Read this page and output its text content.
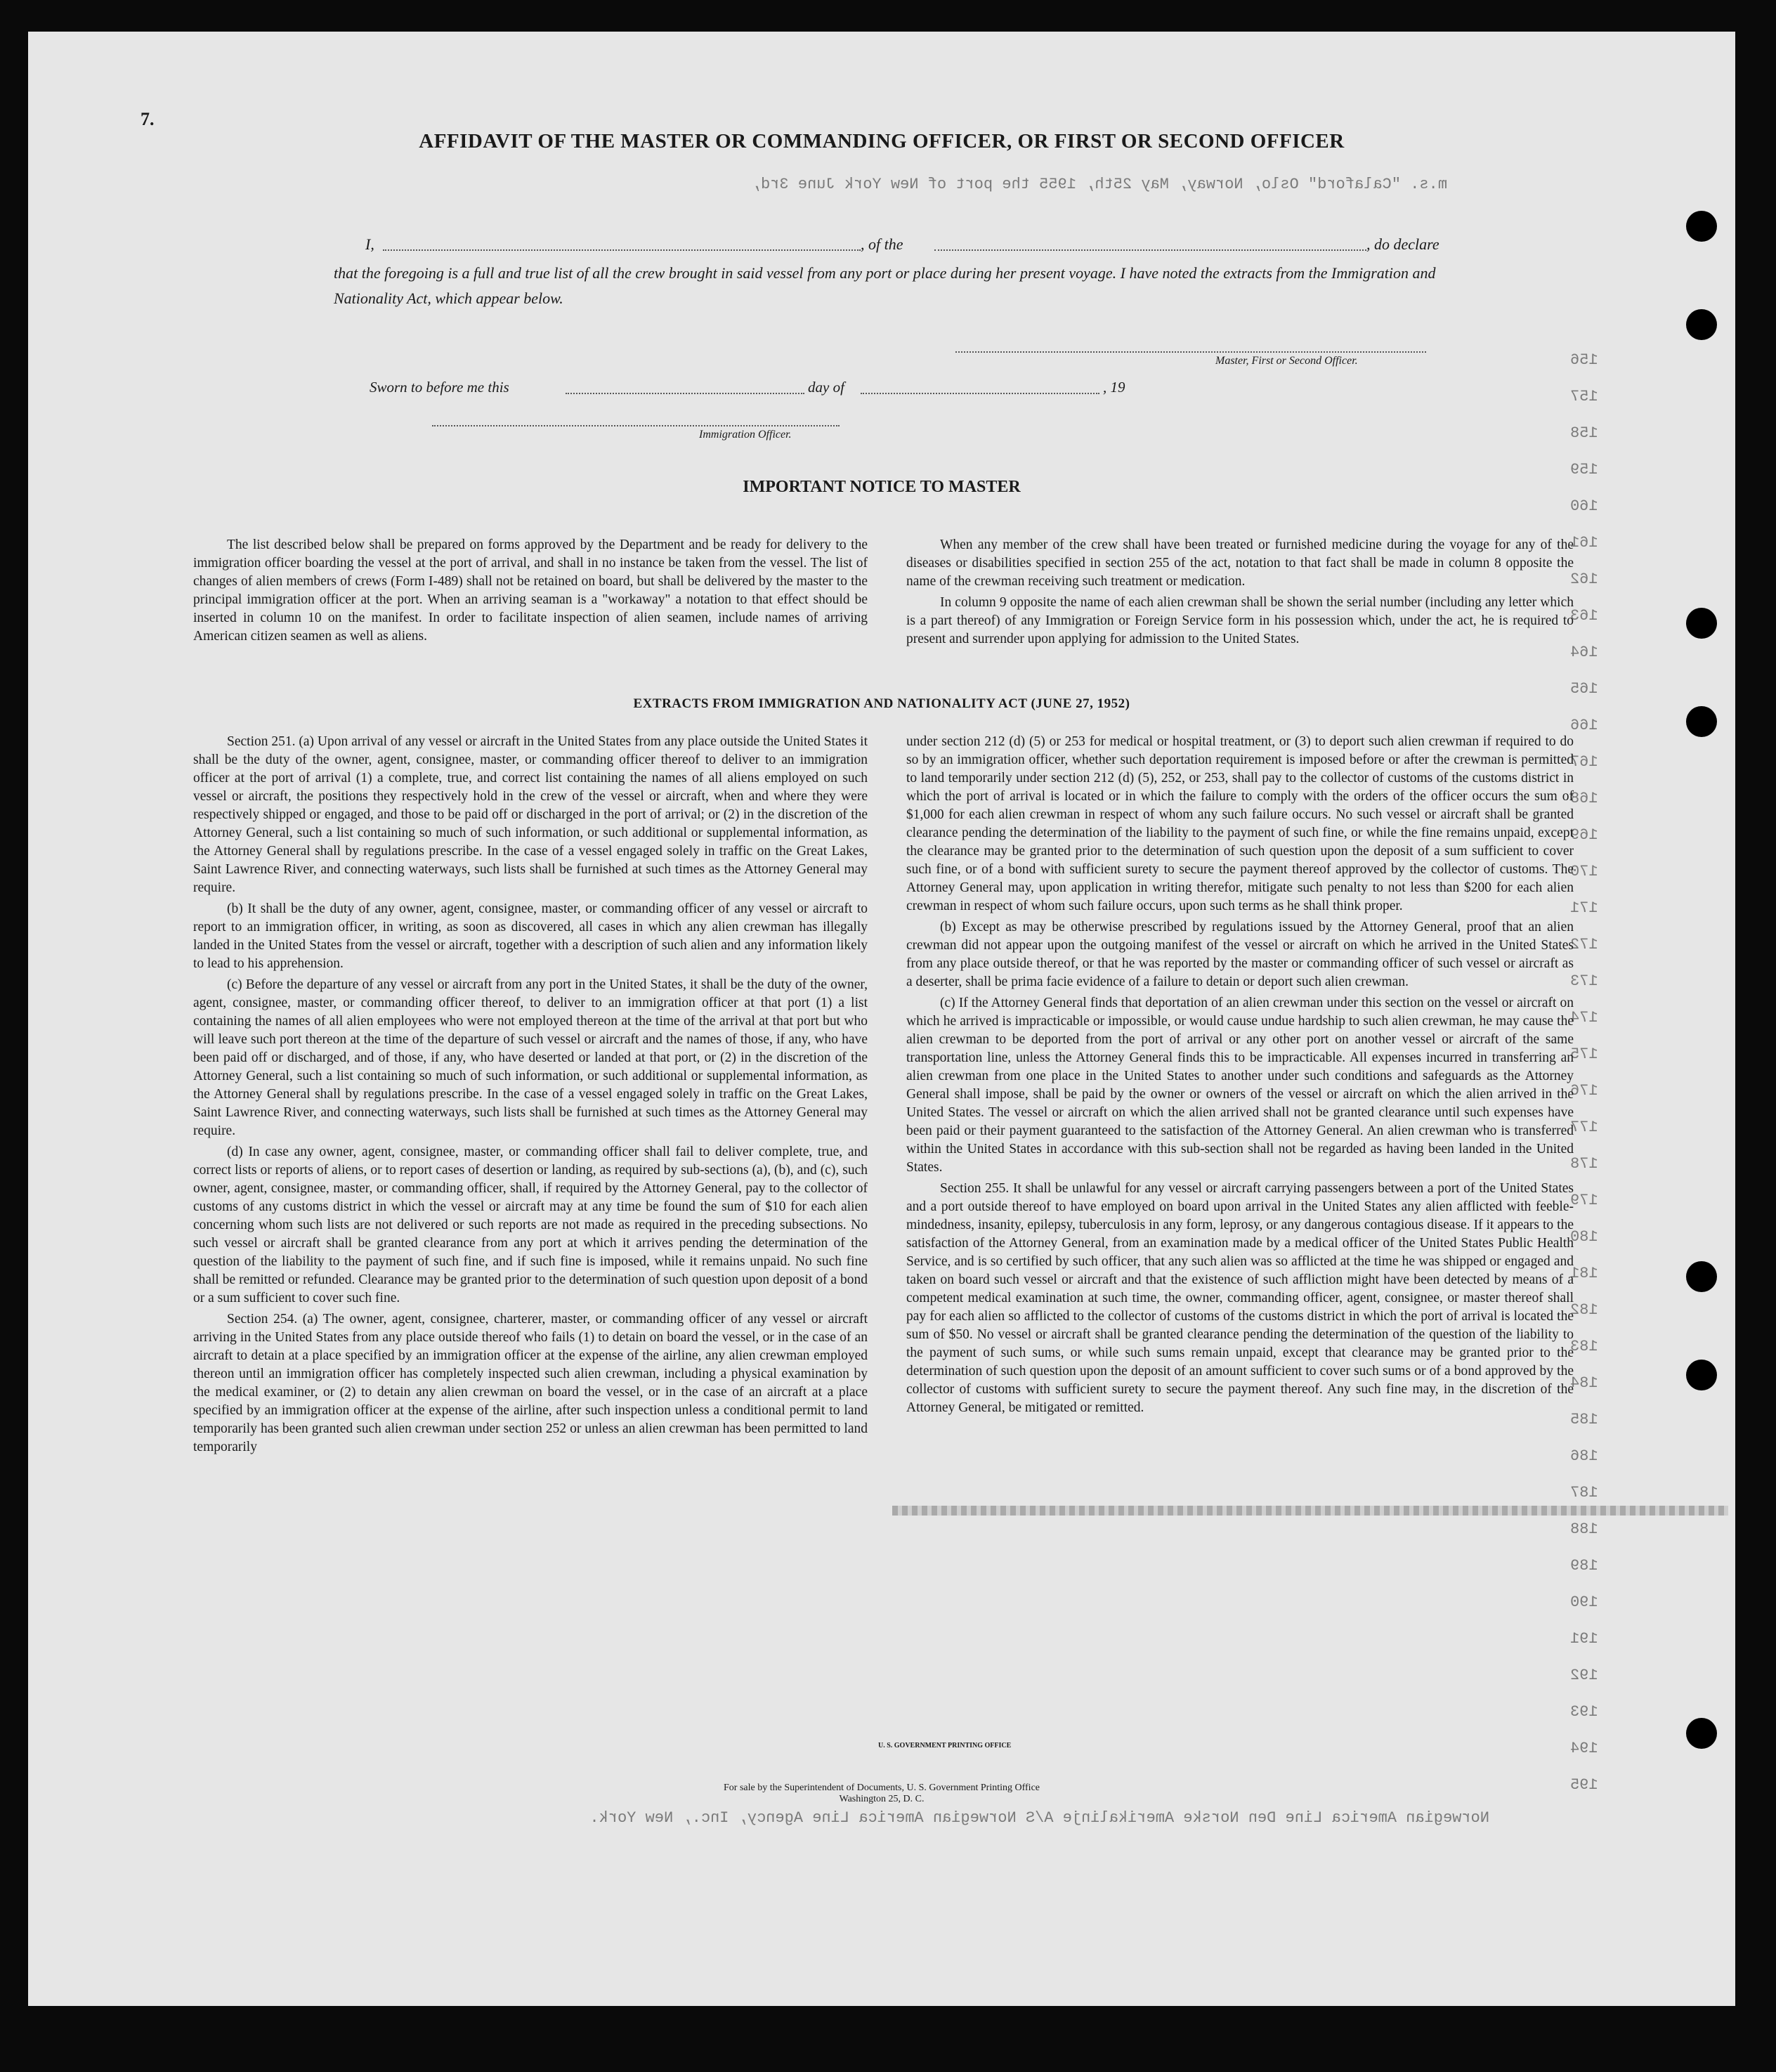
7.
m.s. "Calaford" Oslo, Norway, May 25th, 1955 the port of New York June 3rd,
Norwegian America Line Den Norske Amerikalinje A/S Norwegian America Line Agency, Inc., New York.
156
157
158
159
160
161
162
163
164
165
166
167
168
169
170
171
172
173
174
175
176
177
178
179
180
181
182
183
184
185
186
187
188
189
190
191
192
193
194
195
AFFIDAVIT OF THE MASTER OR COMMANDING OFFICER, OR FIRST OR SECOND OFFICER
I,	, of the	, do declare
that the foregoing is a full and true list of all the crew brought in said vessel from any port or place during her present voyage. I have noted the extracts from the Immigration and Nationality Act, which appear below.
Master, First or Second Officer.
Sworn to before me this	day of	, 19
Immigration Officer.
IMPORTANT NOTICE TO MASTER

The list described below shall be prepared on forms approved by the Department and be ready for delivery to the immigration officer boarding the vessel at the port of arrival, and shall in no instance be taken from the vessel. The list of changes of alien members of crews (Form I-489) shall not be retained on board, but shall be delivered by the master to the principal immigration officer at the port. When an arriving seaman is a "workaway" a notation to that effect should be inserted in column 10 on the manifest. In order to facilitate inspection of alien seamen, include names of arriving American citizen seamen as well as aliens.

When any member of the crew shall have been treated or furnished medicine during the voyage for any of the diseases or disabilities specified in section 255 of the act, notation to that fact shall be made in column 8 opposite the name of the crewman receiving such treatment or medication.

In column 9 opposite the name of each alien crewman shall be shown the serial number (including any letter which is a part thereof) of any Immigration or Foreign Service form in his possession which, under the act, he is required to present and surrender upon applying for admission to the United States.

EXTRACTS FROM IMMIGRATION AND NATIONALITY ACT (JUNE 27, 1952)

Section 251. (a) Upon arrival of any vessel or aircraft in the United States from any place outside the United States it shall be the duty of the owner, agent, consignee, master, or commanding officer thereof to deliver to an immigration officer at the port of arrival (1) a complete, true, and correct list containing the names of all aliens employed on such vessel or aircraft, the positions they respectively hold in the crew of the vessel or aircraft, when and where they were respectively shipped or engaged, and those to be paid off or discharged in the port of arrival; or (2) in the discretion of the Attorney General, such a list containing so much of such information, or such additional or supplemental information, as the Attorney General shall by regulations prescribe. In the case of a vessel engaged solely in traffic on the Great Lakes, Saint Lawrence River, and connecting waterways, such lists shall be furnished at such times as the Attorney General may require.

(b) It shall be the duty of any owner, agent, consignee, master, or commanding officer of any vessel or aircraft to report to an immigration officer, in writing, as soon as discovered, all cases in which any alien crewman has illegally landed in the United States from the vessel or aircraft, together with a description of such alien and any information likely to lead to his apprehension.

(c) Before the departure of any vessel or aircraft from any port in the United States, it shall be the duty of the owner, agent, consignee, master, or commanding officer thereof, to deliver to an immigration officer at that port (1) a list containing the names of all alien employees who were not employed thereon at the time of the arrival at that port but who will leave such port thereon at the time of the departure of such vessel or aircraft and the names of those, if any, who have been paid off or discharged, and of those, if any, who have deserted or landed at that port, or (2) in the discretion of the Attorney General, such a list containing so much of such information, or such additional or supplemental information, as the Attorney General shall by regulations prescribe. In the case of a vessel engaged solely in traffic on the Great Lakes, Saint Lawrence River, and connecting waterways, such lists shall be furnished at such times as the Attorney General may require.

(d) In case any owner, agent, consignee, master, or commanding officer shall fail to deliver complete, true, and correct lists or reports of aliens, or to report cases of desertion or landing, as required by sub-sections (a), (b), and (c), such owner, agent, consignee, master, or commanding officer, shall, if required by the Attorney General, pay to the collector of customs of any customs district in which the vessel or aircraft may at any time be found the sum of $10 for each alien concerning whom such lists are not delivered or such reports are not made as required in the preceding subsections. No such vessel or aircraft shall be granted clearance from any port at which it arrives pending the determination of the question of the liability to the payment of such fine, and if such fine is imposed, while it remains unpaid. No such fine shall be remitted or refunded. Clearance may be granted prior to the determination of such question upon deposit of a bond or a sum sufficient to cover such fine.

Section 254. (a) The owner, agent, consignee, charterer, master, or commanding officer of any vessel or aircraft arriving in the United States from any place outside thereof who fails (1) to detain on board the vessel, or in the case of an aircraft to detain at a place specified by an immigration officer at the expense of the airline, any alien crewman employed thereon until an immigration officer has completely inspected such alien crewman, including a physical examination by the medical examiner, or (2) to detain any alien crewman on board the vessel, or in the case of an aircraft at a place specified by an immigration officer at the expense of the airline, after such inspection unless a conditional permit to land temporarily has been granted such alien crewman under section 252 or unless an alien crewman has been permitted to land temporarily

under section 212 (d) (5) or 253 for medical or hospital treatment, or (3) to deport such alien crewman if required to do so by an immigration officer, whether such deportation requirement is imposed before or after the crewman is permitted to land temporarily under section 212 (d) (5), 252, or 253, shall pay to the collector of customs of the customs district in which the port of arrival is located or in which the failure to comply with the orders of the officer occurs the sum of $1,000 for each alien crewman in respect of whom any such failure occurs. No such vessel or aircraft shall be granted clearance pending the determination of the liability to the payment of such fine, or while the fine remains unpaid, except the clearance may be granted prior to the determination of such question upon the deposit of a sum sufficient to cover such fine, or of a bond with sufficient surety to secure the payment thereof approved by the collector of customs. The Attorney General may, upon application in writing therefor, mitigate such penalty to not less than $200 for each alien crewman in respect of whom such failure occurs, upon such terms as he shall think proper.

(b) Except as may be otherwise prescribed by regulations issued by the Attorney General, proof that an alien crewman did not appear upon the outgoing manifest of the vessel or aircraft on which he arrived in the United States from any place outside thereof, or that he was reported by the master or commanding officer of such vessel or aircraft as a deserter, shall be prima facie evidence of a failure to detain or deport such alien crewman.

(c) If the Attorney General finds that deportation of an alien crewman under this section on the vessel or aircraft on which he arrived is impracticable or impossible, or would cause undue hardship to such alien crewman, he may cause the alien crewman to be deported from the port of arrival or any other port on another vessel or aircraft of the same transportation line, unless the Attorney General finds this to be impracticable. All expenses incurred in transferring an alien crewman from one place in the United States to another under such conditions and safeguards as the Attorney General shall impose, shall be paid by the owner or owners of the vessel or aircraft on which the alien arrived in the United States. The vessel or aircraft on which the alien arrived shall not be granted clearance until such expenses have been paid or their payment guaranteed to the satisfaction of the Attorney General. An alien crewman who is transferred within the United States in accordance with this sub-section shall not be regarded as having been landed in the United States.

Section 255. It shall be unlawful for any vessel or aircraft carrying passengers between a port of the United States and a port outside thereof to have employed on board upon arrival in the United States any alien afflicted with feeble-mindedness, insanity, epilepsy, tuberculosis in any form, leprosy, or any dangerous contagious disease. If it appears to the satisfaction of the Attorney General, from an examination made by a medical officer of the United States Public Health Service, and is so certified by such officer, that any such alien was so afflicted at the time he was shipped or engaged and taken on board such vessel or aircraft and that the existence of such affliction might have been detected by means of a competent medical examination at such time, the owner, commanding officer, agent, consignee, or master thereof shall pay for each alien so afflicted to the collector of customs of the customs district in which the port of arrival is located the sum of $50. No vessel or aircraft shall be granted clearance pending the determination of the question of the liability to the payment of such sums, or while such sums remain unpaid, except that clearance may be granted prior to the determination of such question upon the deposit of an amount sufficient to cover such sums or of a bond approved by the collector of customs with sufficient surety to secure the payment thereof. Any such fine may, in the discretion of the Attorney General, be mitigated or remitted.

U. S. GOVERNMENT PRINTING OFFICE
For sale by the Superintendent of Documents, U. S. Government Printing Office
Washington 25, D. C.
